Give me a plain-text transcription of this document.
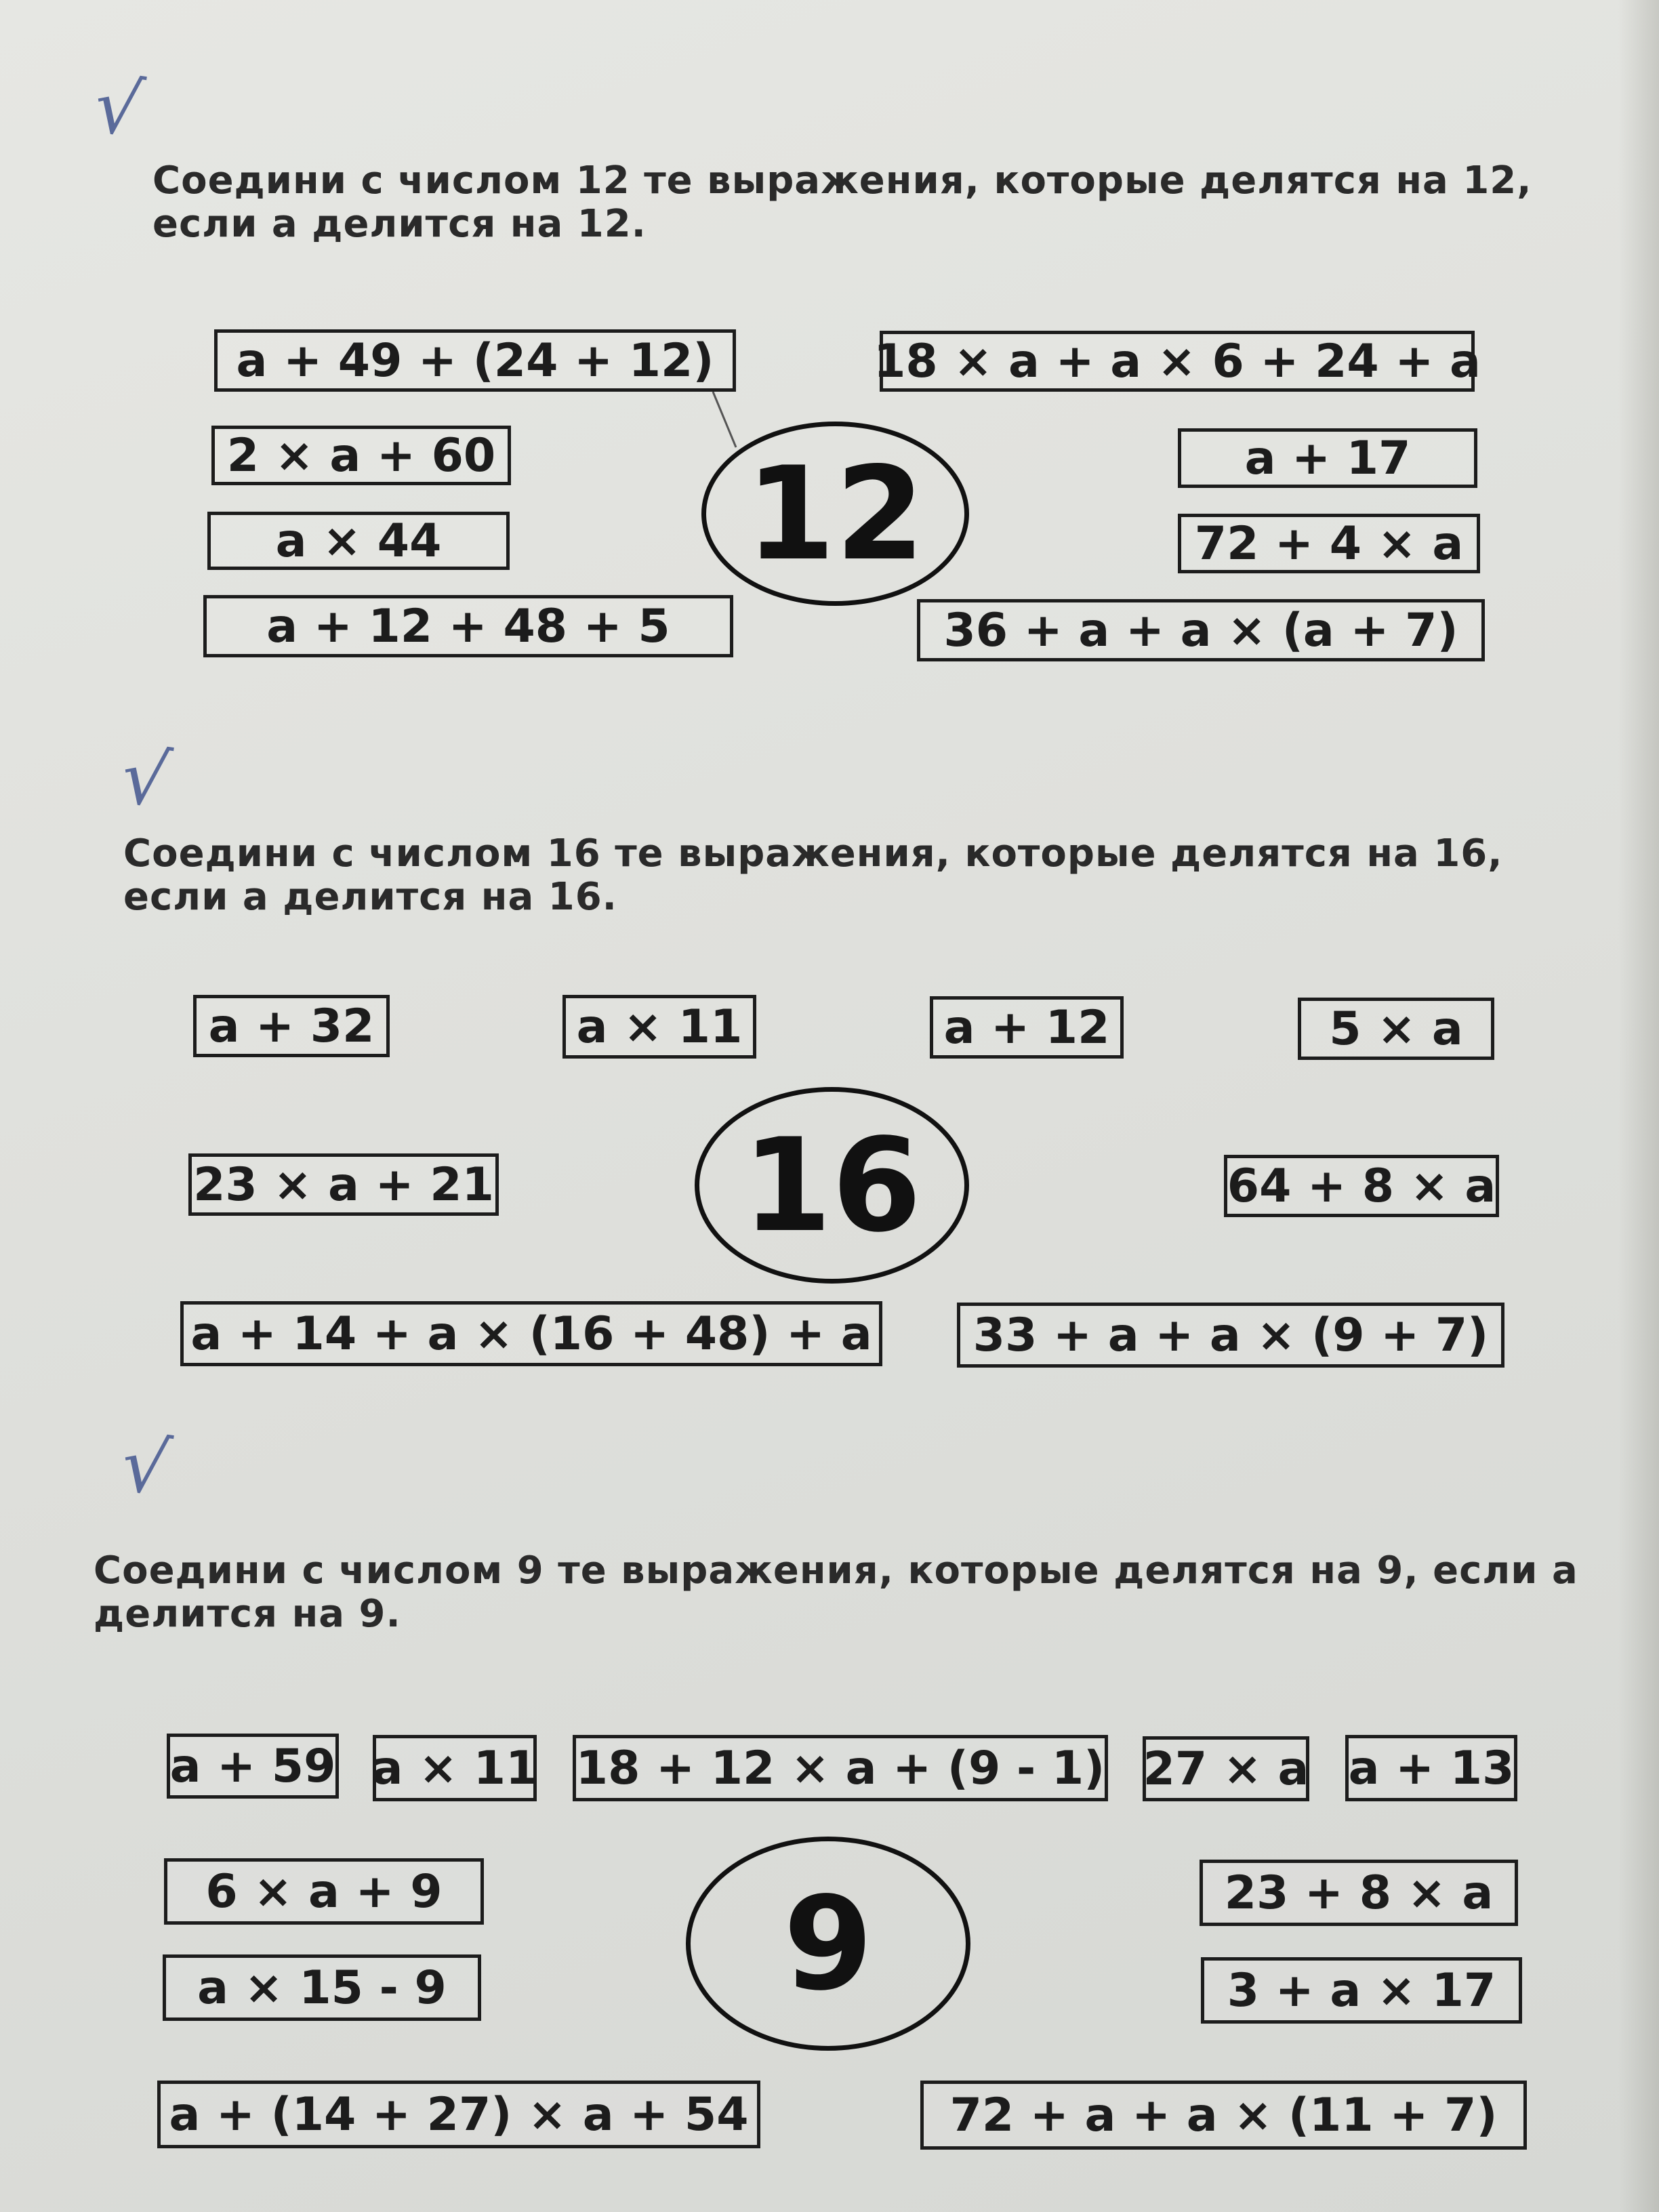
√
√
√
Соедини с числом 12 те выражения, которые делятся на 12,
если а делится на 12.
12
а + 49 + (24 + 12)
2 × а + 60
а × 44
а + 12 + 48 + 5
18 × а + а × 6 + 24 + а
а + 17
72 + 4 × а
36 + а + а × (а + 7)
Соедини с числом 16 те выражения, которые делятся на 16,
если а делится на 16.
16
а + 32	а × 11	а + 12	5 × а
23 × а + 21	64 + 8 × а
а + 14 + а × (16 + 48) + а	33 + а + а × (9 + 7)
Соедини с числом 9 те выражения, которые делятся на 9, если а
делится на 9.
9
а + 59 а × 11 18 + 12 × а + (9 - 1) 27 × а а + 13
6 × а + 9
а × 15 - 9
23 + 8 × а
3 + а × 17
а + (14 + 27) × а + 54	72 + а + а × (11 + 7)
